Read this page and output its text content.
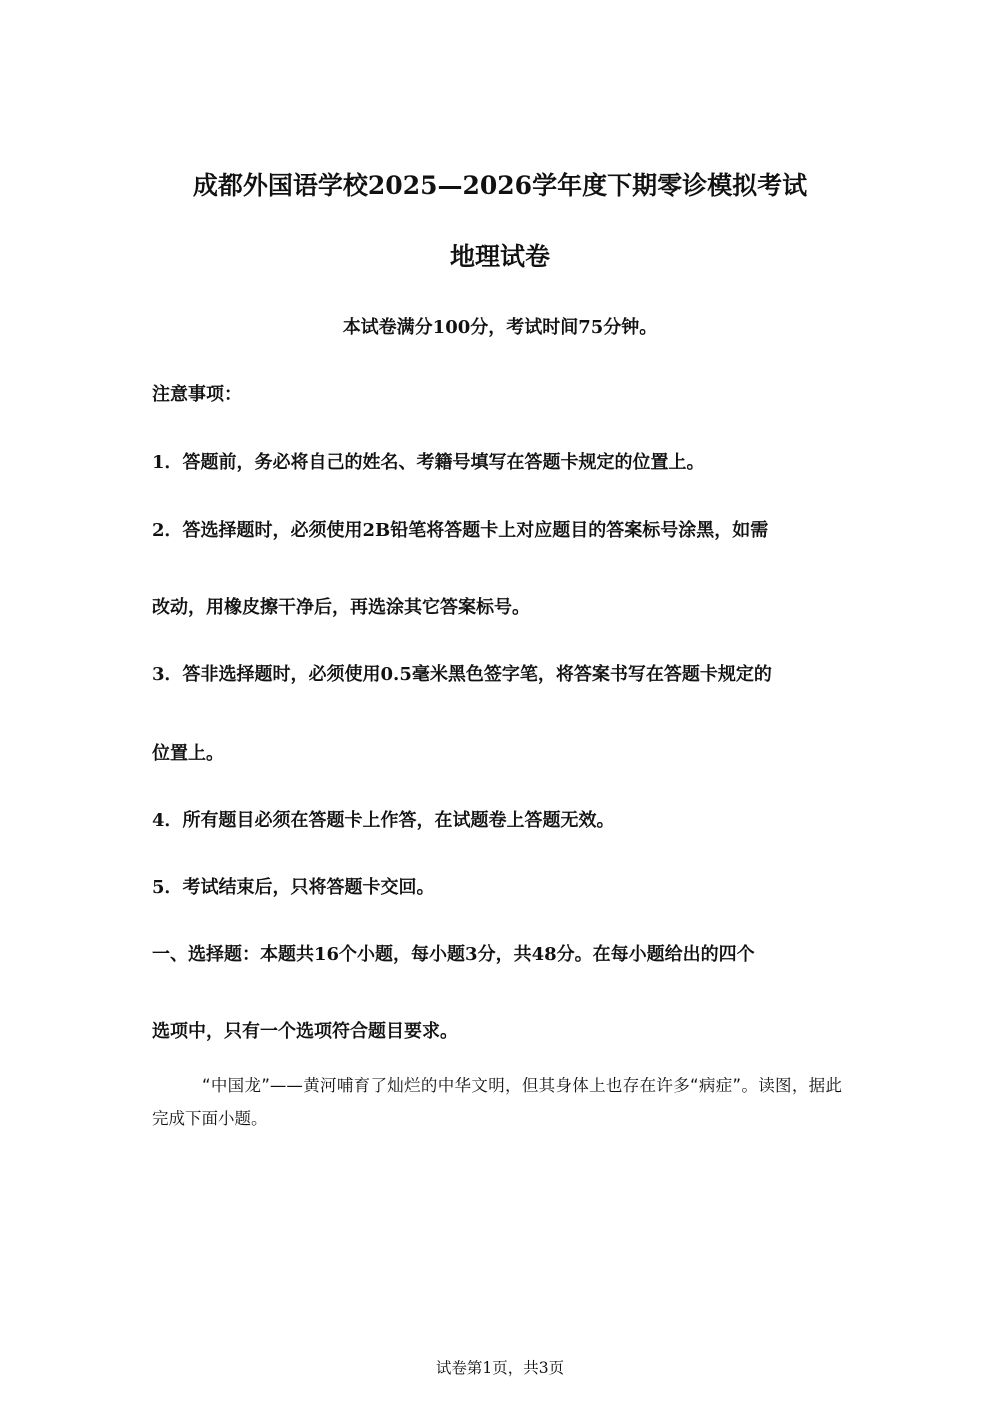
成都外国语学校2025—2026学年度下期零诊模拟考试
地理试卷
本试卷满分100分，考试时间75分钟。
注意事项：
1．答题前，务必将自己的姓名、考籍号填写在答题卡规定的位置上。
2．答选择题时，必须使用2B铅笔将答题卡上对应题目的答案标号涂黑，如需
改动，用橡皮擦干净后，再选涂其它答案标号。
3．答非选择题时，必须使用0.5毫米黑色签字笔，将答案书写在答题卡规定的
位置上。
4．所有题目必须在答题卡上作答，在试题卷上答题无效。
5．考试结束后，只将答题卡交回。
一、选择题：本题共16个小题，每小题3分，共48分。在每小题给出的四个
选项中，只有一个选项符合题目要求。
“中国龙”——黄河哺育了灿烂的中华文明，但其身体上也存在许多“病症”。读图，据此完成下面小题。
试卷第1页，共3页
